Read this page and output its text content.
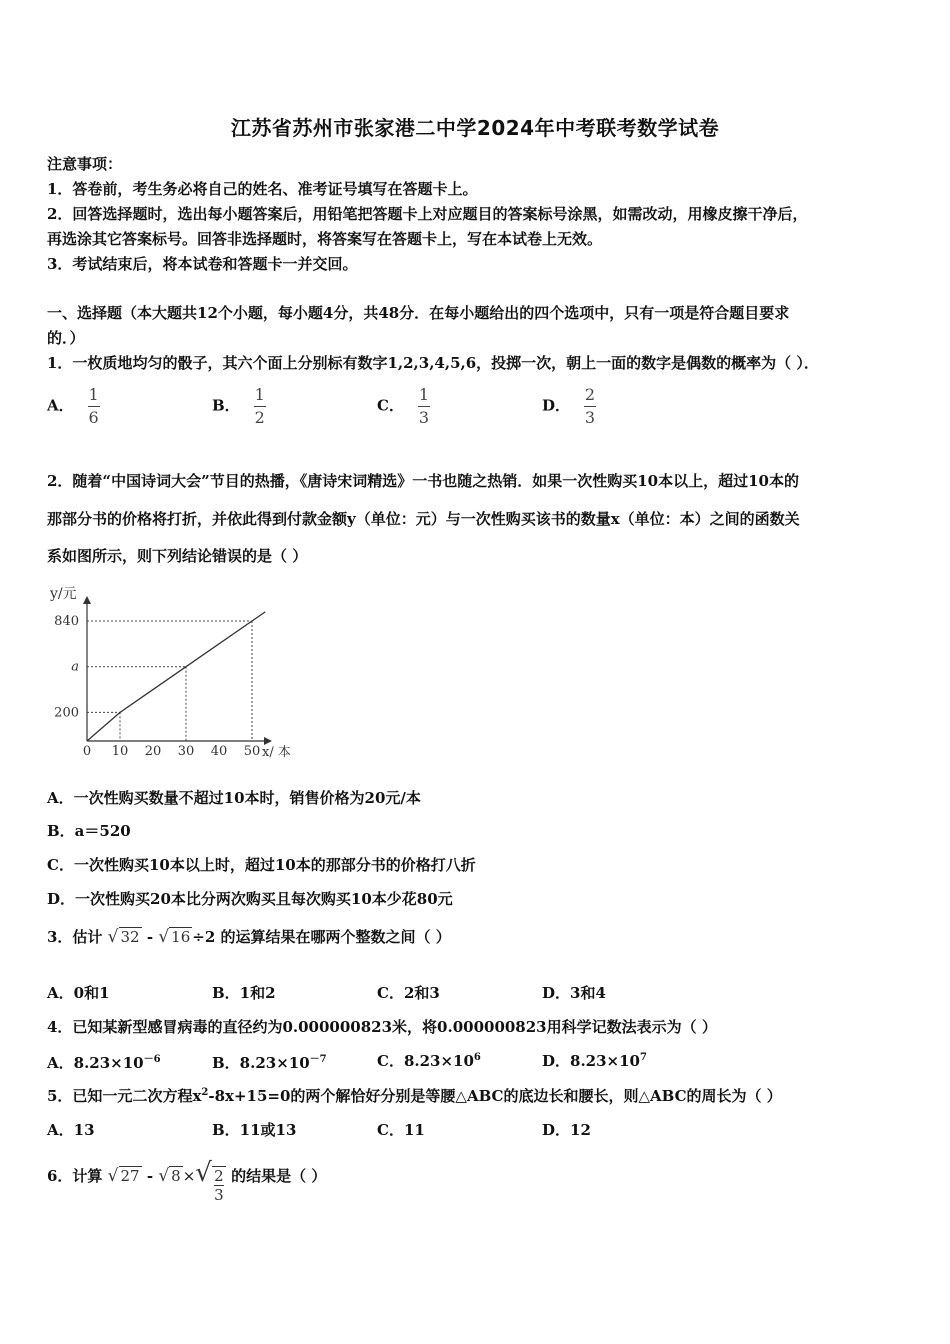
江苏省苏州市张家港二中学2024年中考联考数学试卷
注意事项：
1．答卷前，考生务必将自己的姓名、准考证号填写在答题卡上。
2．回答选择题时，选出每小题答案后，用铅笔把答题卡上对应题目的答案标号涂黑，如需改动，用橡皮擦干净后，
再选涂其它答案标号。回答非选择题时，将答案写在答题卡上，写在本试卷上无效。
3．考试结束后，将本试卷和答题卡一并交回。
一、选择题（本大题共12个小题，每小题4分，共48分．在每小题给出的四个选项中，只有一项是符合题目要求
的．）
1．一枚质地均匀的骰子，其六个面上分别标有数字1,2,3,4,5,6，投掷一次，朝上一面的数字是偶数的概率为（ ）．
A． $\frac{1}{6}$	B． $\frac{1}{2}$	C． $\frac{1}{3}$	D． $\frac{2}{3}$
2．随着“中国诗词大会”节目的热播，《唐诗宋词精选》一书也随之热销．如果一次性购买10本以上，超过10本的
那部分书的价格将打折，并依此得到付款金额y（单位：元）与一次性购买该书的数量x（单位：本）之间的函数关
系如图所示，则下列结论错误的是（ ）
y/元
x/ 本
0 10 20 30 40 50
200
a
840
A．一次性购买数量不超过10本时，销售价格为20元/本
B．a＝520
C．一次性购买10本以上时，超过10本的那部分书的价格打八折
D．一次性购买20本比分两次购买且每次购买10本少花80元
3．估计 √ 32 - √ 16 ÷2 的运算结果在哪两个整数之间（ ）
A．0和1	B．1和2	C．2和3	D．3和4
4．已知某新型感冒病毒的直径约为0.000000823米，将0.000000823用科学记数法表示为（ ）
A．$8.23\times 10^{-6}$	B．$8.23\times 10^{-7}$	C．$8.23\times 10^6$	D．$8.23\times 10^7$
5．已知一元二次方程$x^2-8x+15=0$的两个解恰好分别是等腰△ABC的底边长和腰长，则△ABC的周长为（ ）
A．13	B．11或13	C．11	D．12
6．计算 √ 27 - √ 8 ×√ $\frac{2}{3}$ 的结果是（ ）
